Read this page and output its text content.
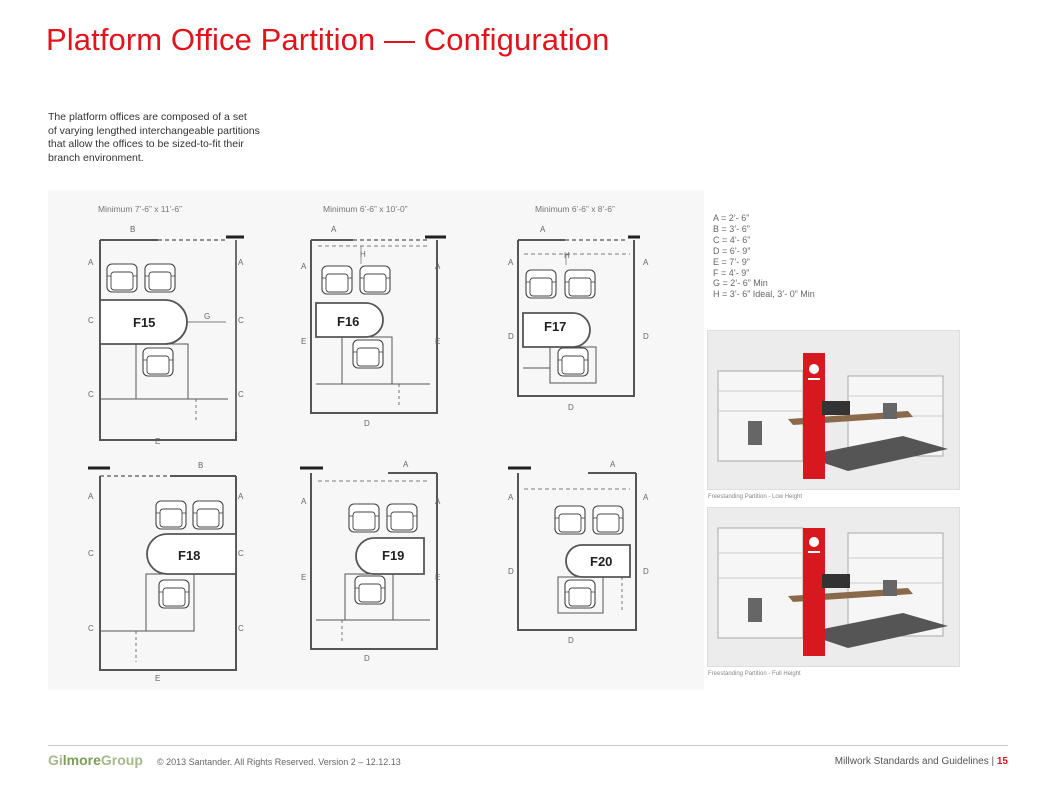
Platform Office Partition — Configuration
The platform offices are composed of a set
of varying lengthed interchangeable partitions
that allow the offices to be sized-to-fit their
branch environment.
Minimum 7’-6” x 11’-6”
F15
B
A
C
C
A
C
C
G
E
Minimum 6’-6” x 10’-0”
F16
A
H
A
E
A
E
D
Minimum 6’-6” x 8’-6”
F17
A
H
A
D
A
D
D
F18
B
A
C
C
A
C
C
E
F19
A
A
E
A
E
D
F20
A
A
D
A
D
D
A = 2’- 6”
B = 3’- 6”
C = 4’- 6”
D = 6’- 9”
E = 7’- 9”
F = 4’- 9”
G = 2’- 6” Min
H = 3’- 6” Ideal, 3’- 0” Min
Freestanding Partition - Low Height
Freestanding Partition - Full Height
GilmoreGroup © 2013 Santander. All Rights Reserved. Version 2 – 12.12.13	Millwork Standards and Guidelines | 15
